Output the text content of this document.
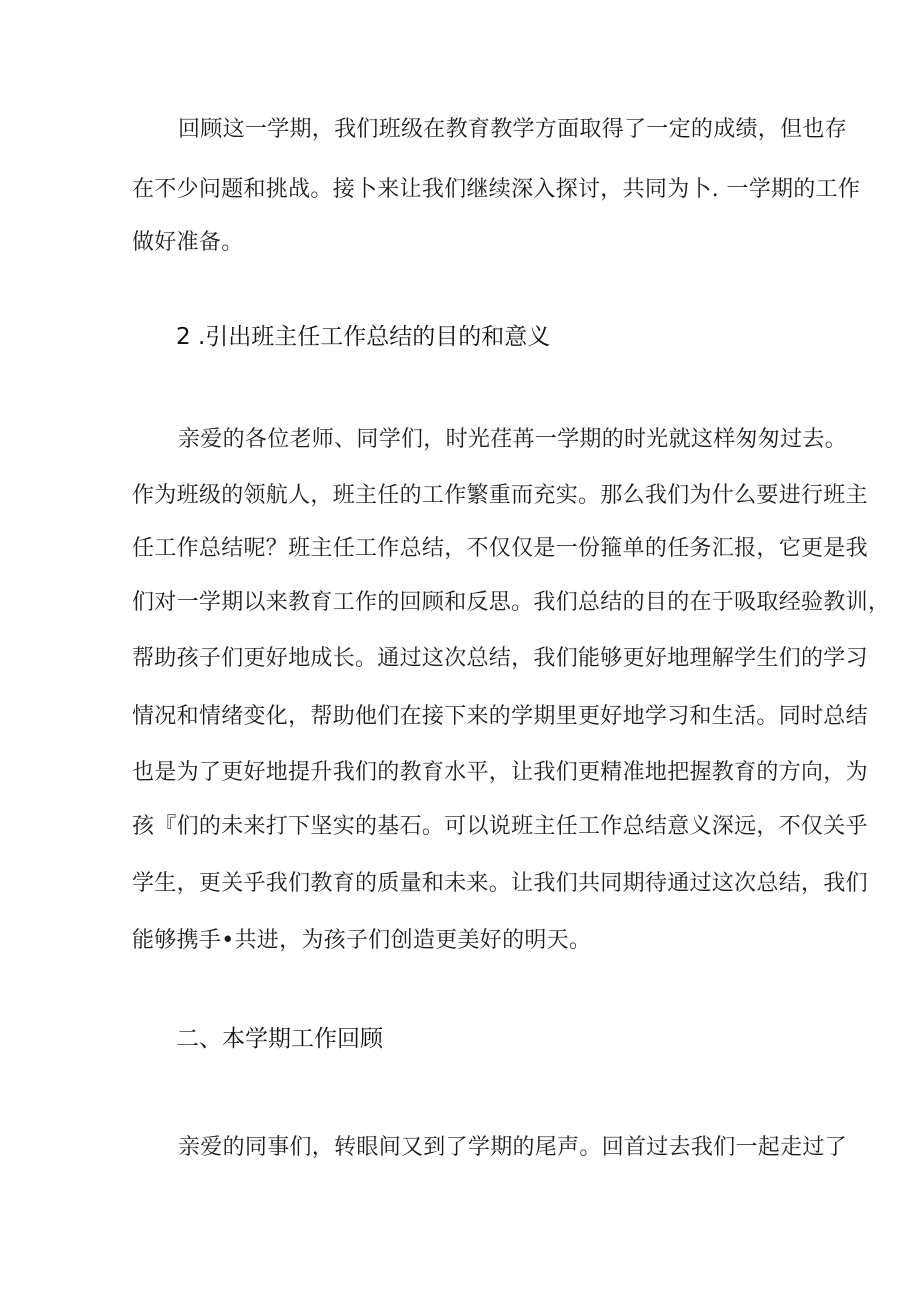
回顾这一学期，我们班级在教育教学方面取得了一定的成绩，但也存
在不少问题和挑战。接卜来让我们继续深入探讨，共同为卜. 一学期的工作
做好准备。
2 .引出班主任工作总结的目的和意义
亲爱的各位老师、同学们，时光荏苒一学期的时光就这样匆匆过去。
作为班级的领航人，班主任的工作繁重而充实。那么我们为什么要进行班主
任工作总结呢？班主任工作总结，不仅仅是一份箍单的任务汇报，它更是我
们对一学期以来教育工作的回顾和反思。我们总结的目的在于吸取经验教训，
帮助孩子们更好地成长。通过这次总结，我们能够更好地理解学生们的学习
情况和情绪变化，帮助他们在接下来的学期里更好地学习和生活。同时总结
也是为了更好地提升我们的教育水平，让我们更精准地把握教育的方向，为
孩『们的未来打下坚实的基石。可以说班主任工作总结意义深远，不仅关乎
学生，更关乎我们教育的质量和未来。让我们共同期待通过这次总结，我们
能够携手•共进，为孩子们创造更美好的明天。
二、本学期工作回顾
亲爱的同事们，转眼间又到了学期的尾声。回首过去我们一起走过了
